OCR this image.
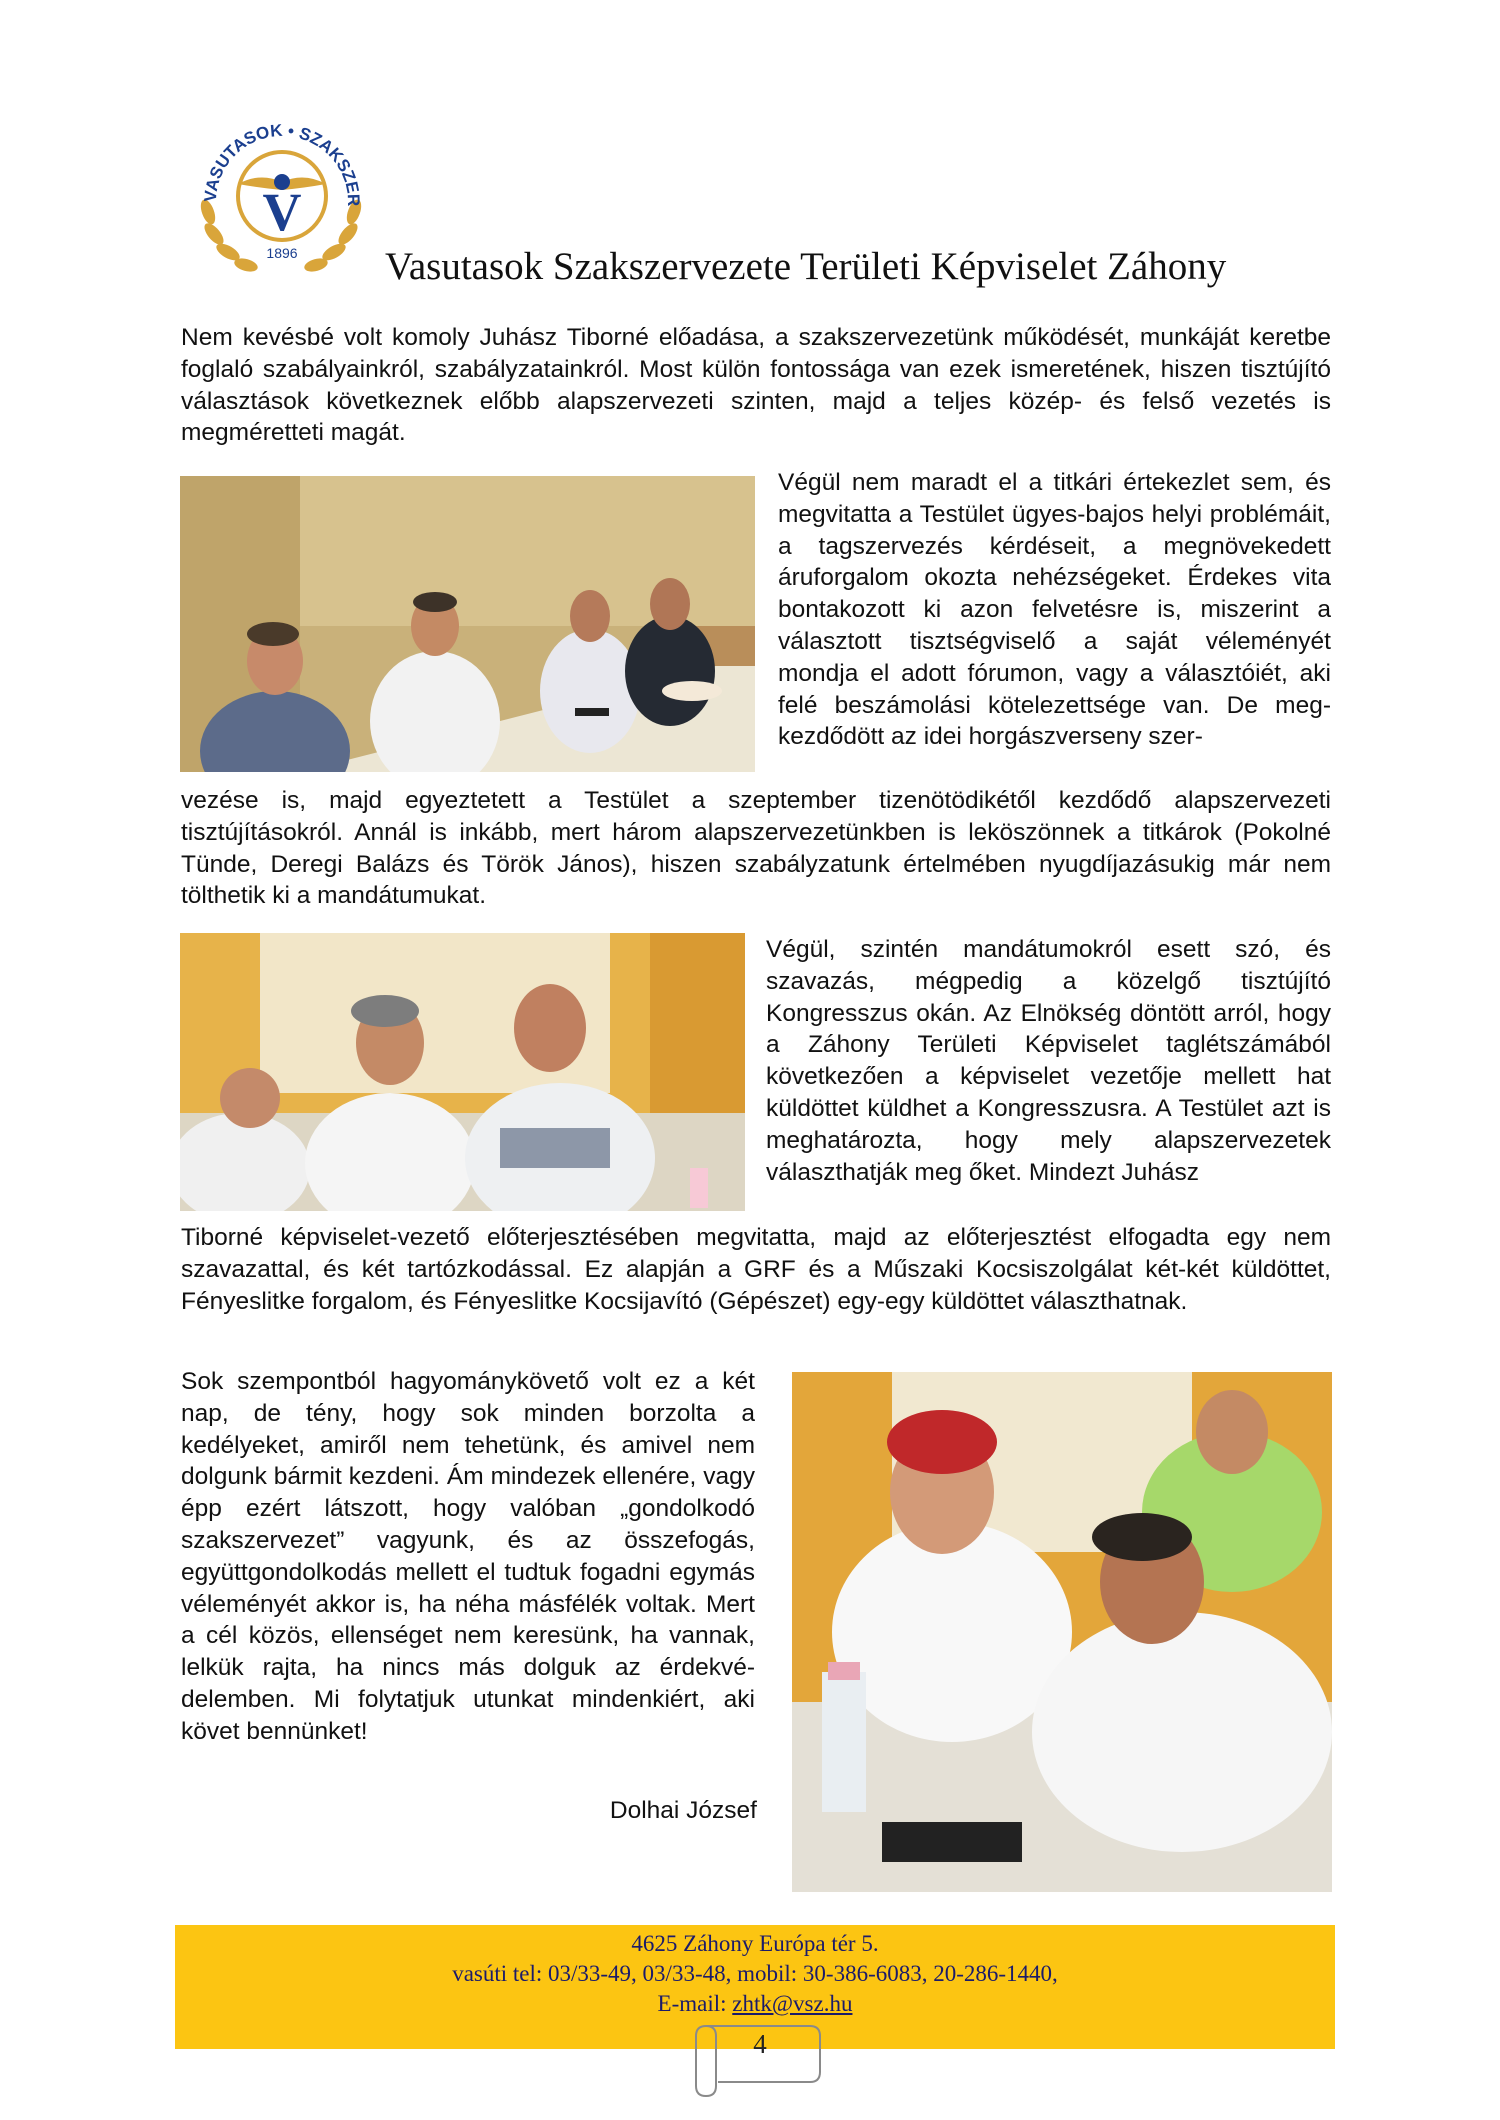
VASUTASOK • SZAKSZER
V
1896 Vasutasok Szakszervezete Területi Képviselet Záhony

Nem kevésbé volt komoly Juhász Tiborné előadása, a szakszervezetünk működését, munkáját keretbe foglaló szabályainkról, szabályzatainkról. Most külön fontossága van ezek ismeretének, hiszen tisztújító választások következnek előbb alapszervezeti szinten, majd a teljes közép- és felső vezetés is megméretteti magát.

Végül nem maradt el a titkári értekezlet sem, és megvitatta a Testület ügyes-bajos helyi problémáit, a tagszervezés kérdéseit, a megnövekedett áruforgalom okozta nehézségeket. Érdekes vita bontakozott ki azon felvetésre is, miszerint a választott tisztségviselő a saját véleményét mondja el adott fórumon, vagy a választóiét, aki felé beszámolási kötelezettsége van. De megkezdődött az idei horgászverseny szer-

vezése is, majd egyeztetett a Testület a szeptember tizenötödikétől kezdődő alapszervezeti tisztújításokról. Annál is inkább, mert három alapszervezetünkben is leköszönnek a titkárok (Pokolné Tünde, Deregi Balázs és Török János), hiszen szabályzatunk értelmében nyugdíjazásukig már nem tölthetik ki a mandátumukat.

Végül, szintén mandátumokról esett szó, és szavazás, mégpedig a közelgő tisztújító Kongresszus okán. Az Elnökség döntött arról, hogy a Záhony Területi Képviselet taglétszámából következően a képviselet vezetője mellett hat küldöttet küldhet a Kongresszusra. A Testület azt is meghatározta, hogy mely alapszervezetek választhatják meg őket. Mindezt Juhász

Tiborné képviselet-vezető előterjesztésében megvitatta, majd az előterjesztést elfogadta egy nem szavazattal, és két tartózkodással. Ez alapján a GRF és a Műszaki Kocsiszolgálat két-két küldöttet, Fényeslitke forgalom, és Fényeslitke Kocsijavító (Gépészet) egy-egy küldöttet választhatnak.

Sok szempontból hagyománykövető volt ez a két nap, de tény, hogy sok minden borzolta a kedélyeket, amiről nem tehetünk, és amivel nem dolgunk bármit kezdeni. Ám mindezek ellenére, vagy épp ezért látszott, hogy valóban „gondolkodó szakszervezet” vagyunk, és az összefogás, együttgondolkodás mellett el tudtuk fogadni egymás véleményét akkor is, ha néha másfélék voltak. Mert a cél közös, ellenséget nem keresünk, ha vannak, lelkük rajta, ha nincs más dolguk az érdekvédelemben. Mi folytatjuk utunkat mindenkiért, aki követ bennünket!

Dolhai József
4625 Záhony Európa tér 5.
vasúti tel: 03/33-49, 03/33-48, mobil: 30-386-6083, 20-286-1440,
E-mail: zhtk@vsz.hu
4
